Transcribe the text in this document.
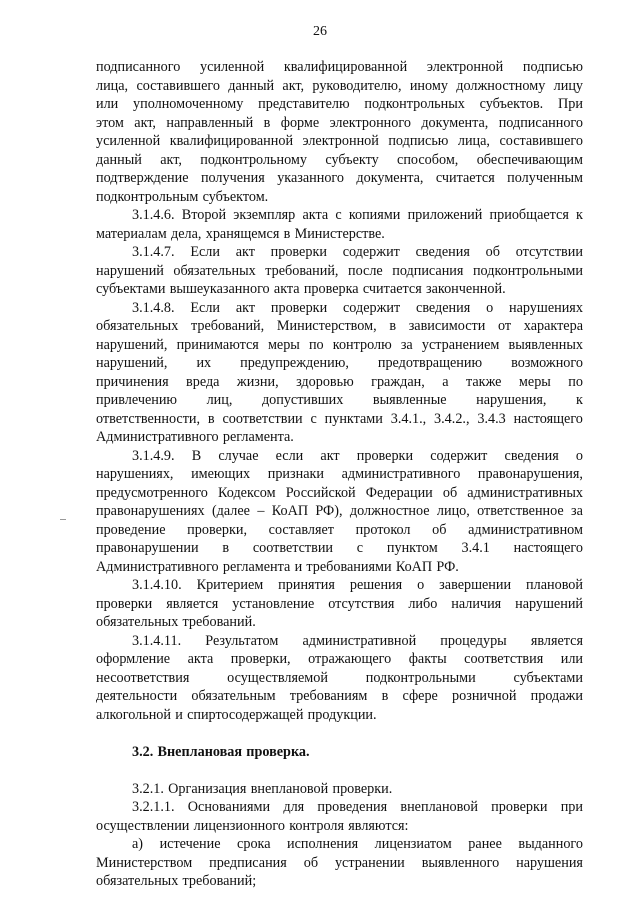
26
подписанного усиленной квалифицированной электронной подписью
лица, составившего данный акт, руководителю, иному должностному лицу
или уполномоченному представителю подконтрольных субъектов. При
этом акт, направленный в форме электронного документа, подписанного
усиленной квалифицированной электронной подписью лица, составившего
данный акт, подконтрольному субъекту способом, обеспечивающим
подтверждение получения указанного документа, считается полученным
подконтрольным субъектом.
3.1.4.6. Второй экземпляр акта с копиями приложений приобщается к
материалам дела, хранящемся в Министерстве.
3.1.4.7. Если акт проверки содержит сведения об отсутствии
нарушений обязательных требований, после подписания подконтрольными
субъектами вышеуказанного акта проверка считается законченной.
3.1.4.8. Если акт проверки содержит сведения о нарушениях
обязательных требований, Министерством, в зависимости от характера
нарушений, принимаются меры по контролю за устранением выявленных
нарушений, их предупреждению, предотвращению возможного
причинения вреда жизни, здоровью граждан, а также меры по
привлечению лиц, допустивших выявленные нарушения, к
ответственности, в соответствии с пунктами 3.4.1., 3.4.2., 3.4.3 настоящего
Административного регламента.
3.1.4.9. В случае если акт проверки содержит сведения о
нарушениях, имеющих признаки административного правонарушения,
предусмотренного Кодексом Российской Федерации об административных
правонарушениях (далее – КоАП РФ), должностное лицо, ответственное за
проведение проверки, составляет протокол об административном
правонарушении в соответствии с пунктом 3.4.1 настоящего
Административного регламента и требованиями КоАП РФ.
3.1.4.10. Критерием принятия решения о завершении плановой
проверки является установление отсутствия либо наличия нарушений
обязательных требований.
3.1.4.11. Результатом административной процедуры является
оформление акта проверки, отражающего факты соответствия или
несоответствия	осуществляемой	подконтрольными	субъектами
деятельности обязательным требованиям в сфере розничной продажи
алкогольной и спиртосодержащей продукции.
3.2. Внеплановая проверка.
3.2.1. Организация внеплановой проверки.
3.2.1.1. Основаниями для проведения внеплановой проверки при
осуществлении лицензионного контроля являются:
а) истечение срока исполнения лицензиатом ранее выданного
Министерством предписания об устранении выявленного нарушения
обязательных требований;
